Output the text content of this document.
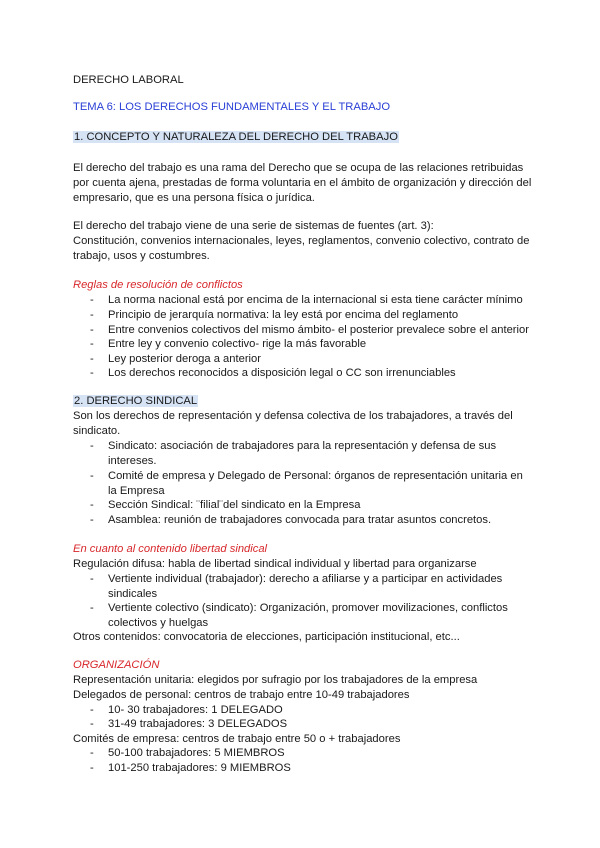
DERECHO LABORAL
TEMA 6: LOS DERECHOS FUNDAMENTALES Y EL TRABAJO
1. CONCEPTO Y NATURALEZA DEL DERECHO DEL TRABAJO
El derecho del trabajo es una rama del Derecho que se ocupa de las relaciones retribuidas
por cuenta ajena, prestadas de forma voluntaria en el ámbito de organización y dirección del
empresario, que es una persona física o jurídica.
El derecho del trabajo viene de una serie de sistemas de fuentes (art. 3):
Constitución, convenios internacionales, leyes, reglamentos, convenio colectivo, contrato de
trabajo, usos y costumbres.
Reglas de resolución de conflictos
- La norma nacional está por encima de la internacional si esta tiene carácter mínimo
- Principio de jerarquía normativa: la ley está por encima del reglamento
- Entre convenios colectivos del mismo ámbito- el posterior prevalece sobre el anterior
- Entre ley y convenio colectivo- rige la más favorable
- Ley posterior deroga a anterior
- Los derechos reconocidos a disposición legal o CC son irrenunciables
2. DERECHO SINDICAL
Son los derechos de representación y defensa colectiva de los trabajadores, a través del
sindicato.
- Sindicato: asociación de trabajadores para la representación y defensa de sus
intereses.
- Comité de empresa y Delegado de Personal: órganos de representación unitaria en
la Empresa
- Sección Sindical: ¨filial¨del sindicato en la Empresa
- Asamblea: reunión de trabajadores convocada para tratar asuntos concretos.
En cuanto al contenido libertad sindical
Regulación difusa: habla de libertad sindical individual y libertad para organizarse
- Vertiente individual (trabajador): derecho a afiliarse y a participar en actividades
sindicales
- Vertiente colectivo (sindicato): Organización, promover movilizaciones, conflictos
colectivos y huelgas
Otros contenidos: convocatoria de elecciones, participación institucional, etc...
ORGANIZACIÓN
Representación unitaria: elegidos por sufragio por los trabajadores de la empresa
Delegados de personal: centros de trabajo entre 10-49 trabajadores
- 10- 30 trabajadores: 1 DELEGADO
- 31-49 trabajadores: 3 DELEGADOS
Comités de empresa: centros de trabajo entre 50 o + trabajadores
- 50-100 trabajadores: 5 MIEMBROS
- 101-250 trabajadores: 9 MIEMBROS
